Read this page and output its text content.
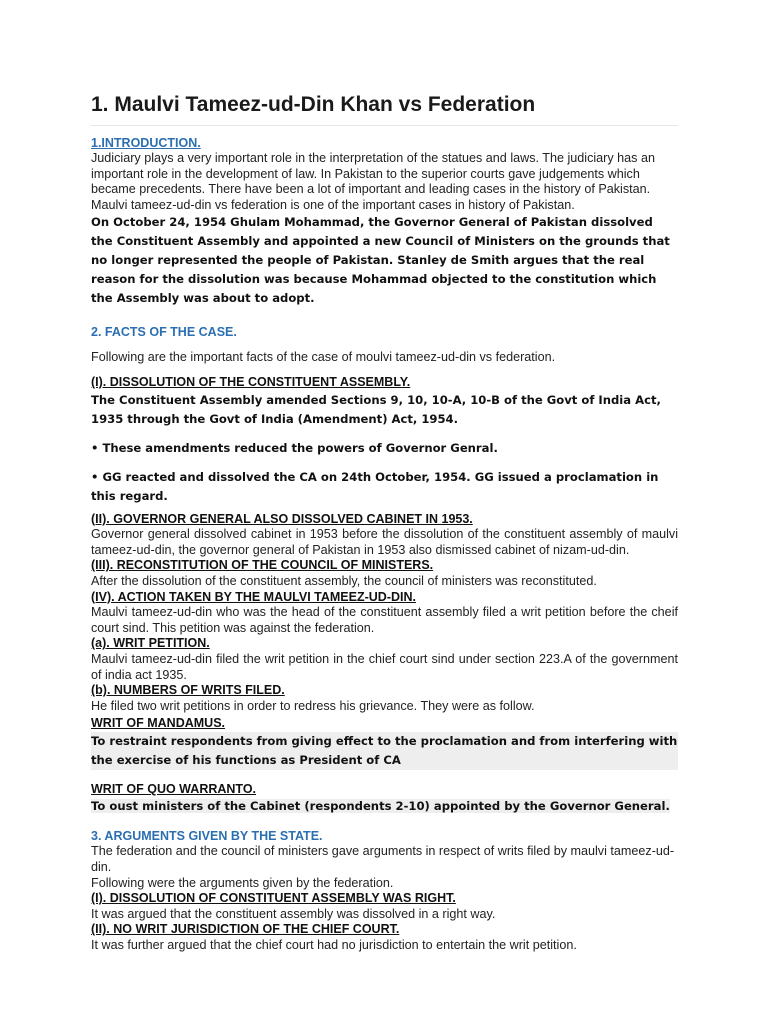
1. Maulvi Tameez-ud-Din Khan vs Federation
1.INTRODUCTION.

Judiciary plays a very important role in the interpretation of the statues and laws. The judiciary has an important role in the development of law. In Pakistan to the superior courts gave judgements which became precedents. There have been a lot of important and leading cases in the history of Pakistan. Maulvi tameez-ud-din vs federation is one of the important cases in history of Pakistan.

On October 24, 1954 Ghulam Mohammad, the Governor General of Pakistan dissolved the Constituent Assembly and appointed a new Council of Ministers on the grounds that no longer represented the people of Pakistan. Stanley de Smith argues that the real reason for the dissolution was because Mohammad objected to the constitution which the Assembly was about to adopt.

2. FACTS OF THE CASE.

Following are the important facts of the case of moulvi tameez-ud-din vs federation.

(I). DISSOLUTION OF THE CONSTITUENT ASSEMBLY.

The Constituent Assembly amended Sections 9, 10, 10-A, 10-B of the Govt of India Act, 1935 through the Govt of India (Amendment) Act, 1954.

• These amendments reduced the powers of Governor Genral.

• GG reacted and dissolved the CA on 24th October, 1954. GG issued a proclamation in this regard.

(II). GOVERNOR GENERAL ALSO DISSOLVED CABINET IN 1953.

Governor general dissolved cabinet in 1953 before the dissolution of the constituent assembly of maulvi tameez-ud-din, the governor general of Pakistan in 1953 also dismissed cabinet of nizam-ud-din.

(III). RECONSTITUTION OF THE COUNCIL OF MINISTERS.

After the dissolution of the constituent assembly, the council of ministers was reconstituted.

(IV). ACTION TAKEN BY THE MAULVI TAMEEZ-UD-DIN.

Maulvi tameez-ud-din who was the head of the constituent assembly filed a writ petition before the cheif court sind. This petition was against the federation.

(a). WRIT PETITION.

Maulvi tameez-ud-din filed the writ petition in the chief court sind under section 223.A of the government of india act 1935.

(b). NUMBERS OF WRITS FILED.

He filed two writ petitions in order to redress his grievance. They were as follow.

WRIT OF MANDAMUS.

To restraint respondents from giving effect to the proclamation and from interfering with the exercise of his functions as President of CA

WRIT OF QUO WARRANTO.

To oust ministers of the Cabinet (respondents 2-10) appointed by the Governor General.

3. ARGUMENTS GIVEN BY THE STATE.

The federation and the council of ministers gave arguments in respect of writs filed by maulvi tameez-ud-din.

Following were the arguments given by the federation.

(I). DISSOLUTION OF CONSTITUENT ASSEMBLY WAS RIGHT.

It was argued that the constituent assembly was dissolved in a right way.

(II). NO WRIT JURISDICTION OF THE CHIEF COURT.

It was further argued that the chief court had no jurisdiction to entertain the writ petition.
